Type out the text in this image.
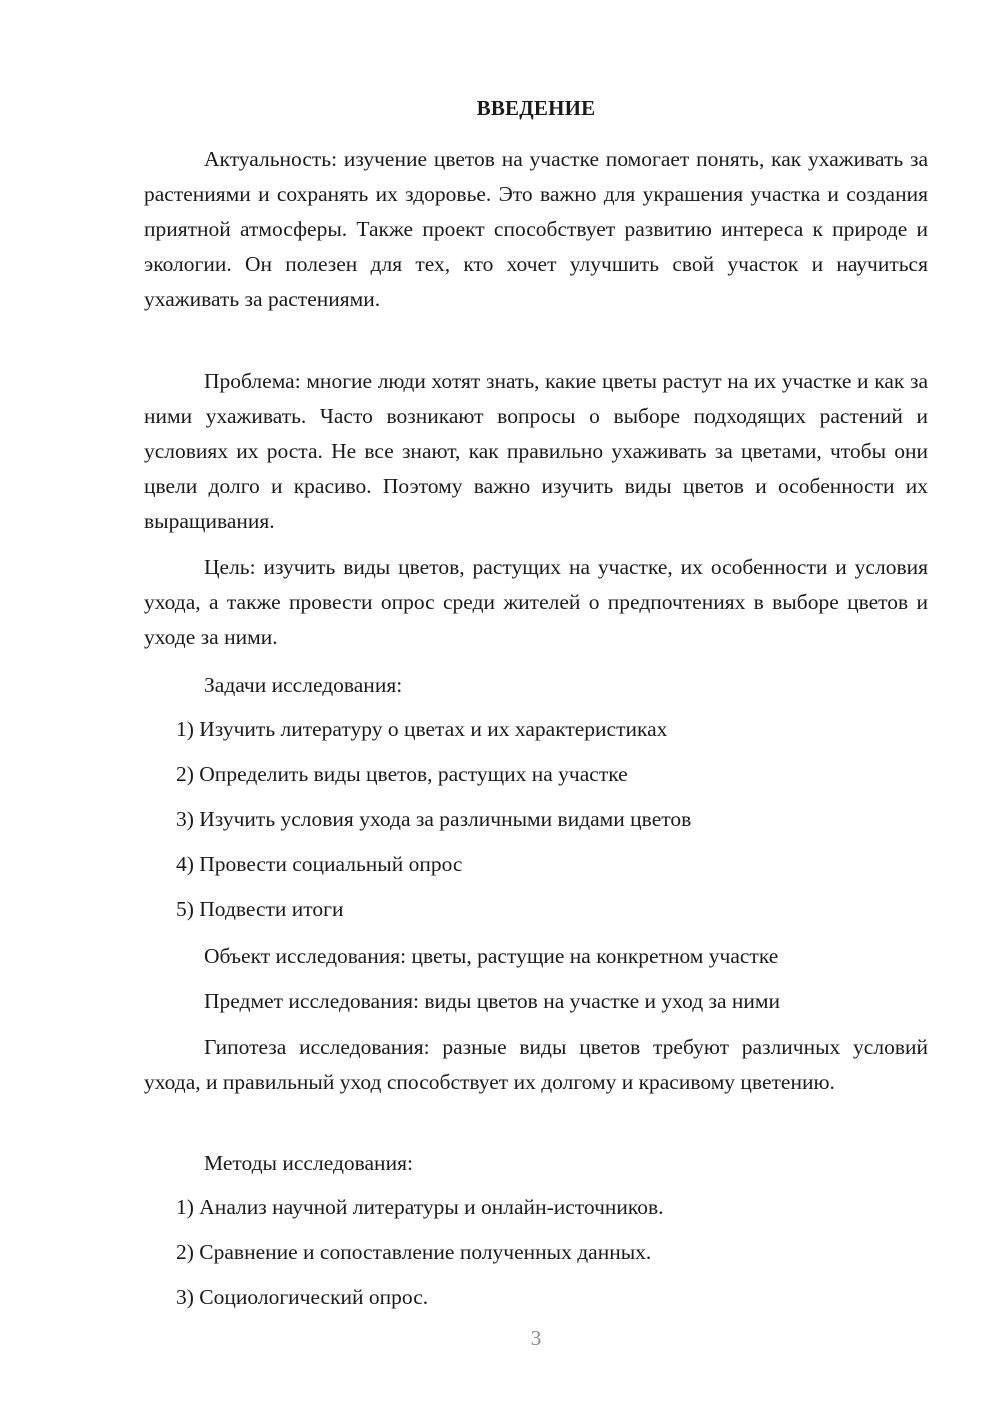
ВВЕДЕНИЕ

Актуальность: изучение цветов на участке помогает понять, как ухаживать за растениями и сохранять их здоровье. Это важно для украшения участка и создания приятной атмосферы. Также проект способствует развитию интереса к природе и экологии. Он полезен для тех, кто хочет улучшить свой участок и научиться ухаживать за растениями.

Проблема: многие люди хотят знать, какие цветы растут на их участке и как за ними ухаживать. Часто возникают вопросы о выборе подходящих растений и условиях их роста. Не все знают, как правильно ухаживать за цветами, чтобы они цвели долго и красиво. Поэтому важно изучить виды цветов и особенности их выращивания.

Цель: изучить виды цветов, растущих на участке, их особенности и условия ухода, а также провести опрос среди жителей о предпочтениях в выборе цветов и уходе за ними.

Задачи исследования:

1) Изучить литературу о цветах и их характеристиках

2) Определить виды цветов, растущих на участке

3) Изучить условия ухода за различными видами цветов

4) Провести социальный опрос

5) Подвести итоги

Объект исследования: цветы, растущие на конкретном участке

Предмет исследования: виды цветов на участке и уход за ними

Гипотеза исследования: разные виды цветов требуют различных условий ухода, и правильный уход способствует их долгому и красивому цветению.

Методы исследования:

1) Анализ научной литературы и онлайн-источников.

2) Сравнение и сопоставление полученных данных.

3) Социологический опрос.

3
